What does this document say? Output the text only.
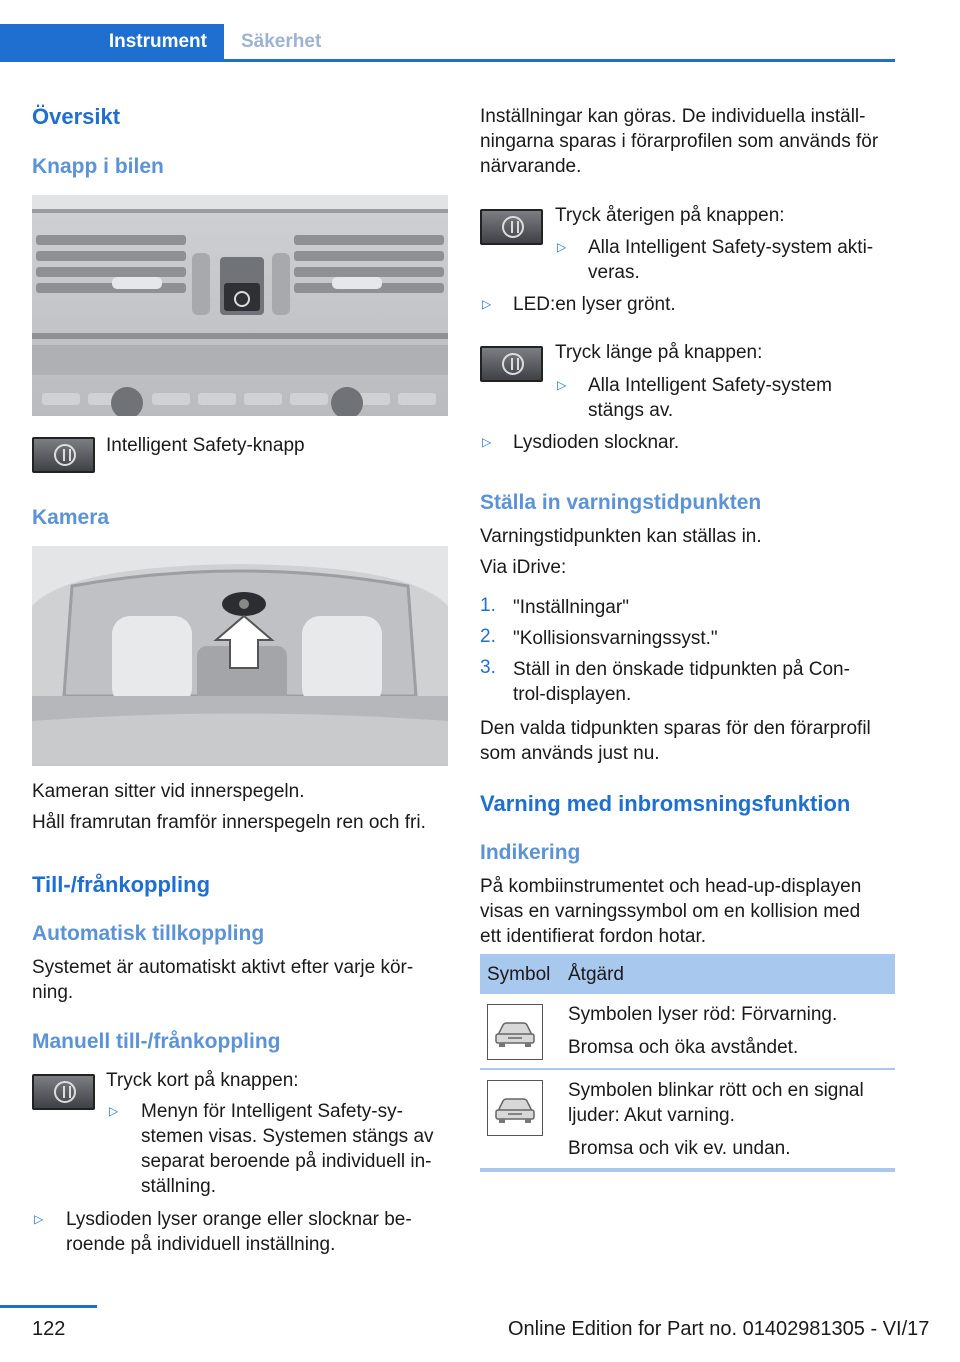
Instrument	Säkerhet
Översikt
Knapp i bilen
Intelligent Safety-knapp
Kamera
Kameran sitter vid innerspegeln.
Håll framrutan framför innerspegeln ren och fri.
Till-/frånkoppling
Automatisk tillkoppling
Systemet är automatiskt aktivt efter varje kör-
ning.
Manuell till-/frånkoppling
Tryck kort på knappen:
▷ Menyn för Intelligent Safety-sy-
stemen visas. Systemen stängs av
separat beroende på individuell in-
ställning.
▷ Lysdioden lyser orange eller slocknar be-
roende på individuell inställning.
Inställningar kan göras. De individuella inställ-
ningarna sparas i förarprofilen som används för
närvarande.
Tryck återigen på knappen:
▷ Alla Intelligent Safety-system akti-
veras.
▷ LED:en lyser grönt.
Tryck länge på knappen:
▷ Alla Intelligent Safety-system
stängs av.
▷ Lysdioden slocknar.
Ställa in varningstidpunkten
Varningstidpunkten kan ställas in.
Via iDrive:
1. "Inställningar"
2. "Kollisionsvarningssyst."
3. Ställ in den önskade tidpunkten på Con-
trol-displayen.
Den valda tidpunkten sparas för den förarprofil
som används just nu.
Varning med inbromsningsfunktion
Indikering
På kombiinstrumentet och head-up-displayen
visas en varningssymbol om en kollision med
ett identifierat fordon hotar.
Symbol Åtgärd
Symbolen lyser röd: Förvarning.
Bromsa och öka avståndet.
Symbolen blinkar rött och en signal
ljuder: Akut varning.
Bromsa och vik ev. undan.
122	Online Edition for Part no. 01402981305 - VI/17
